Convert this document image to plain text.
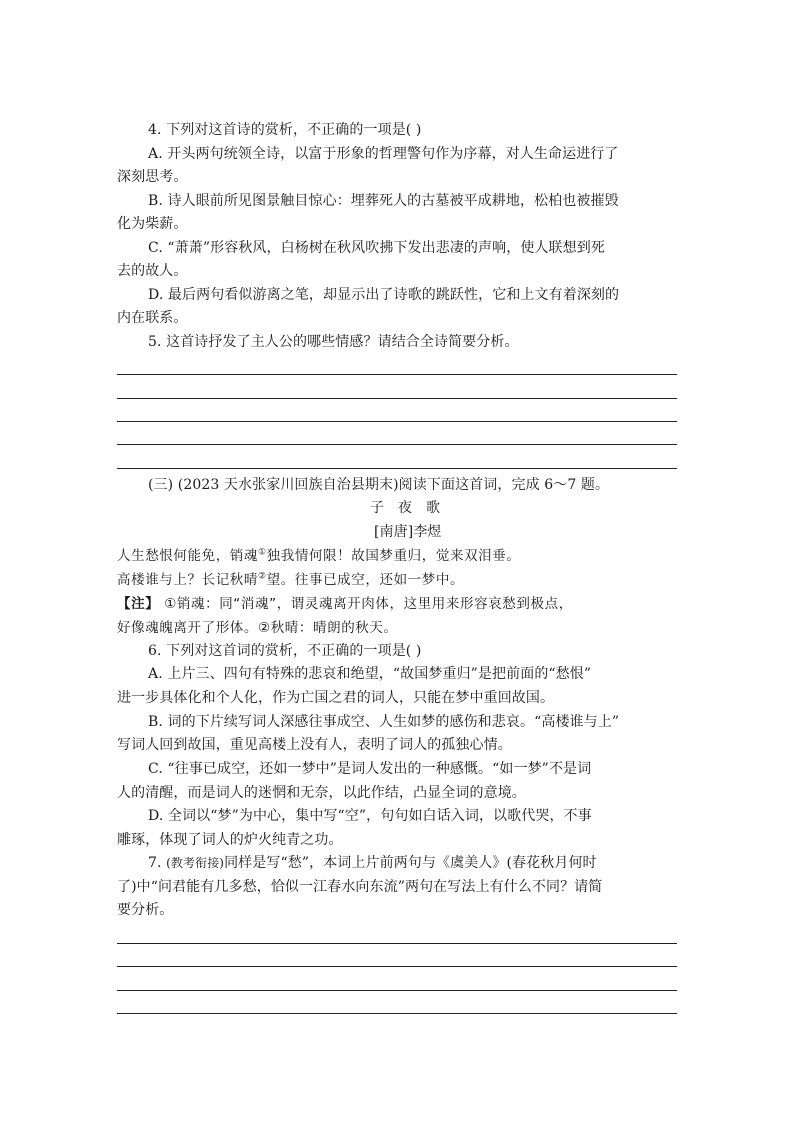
4. 下列对这首诗的赏析，不正确的一项是( )
A. 开头两句统领全诗，以富于形象的哲理警句作为序幕，对人生命运进行了
深刻思考。
B. 诗人眼前所见图景触目惊心：埋葬死人的古墓被平成耕地，松柏也被摧毁
化为柴薪。
C. “萧萧”形容秋风，白杨树在秋风吹拂下发出悲凄的声响，使人联想到死
去的故人。
D. 最后两句看似游离之笔，却显示出了诗歌的跳跃性，它和上文有着深刻的
内在联系。
5. 这首诗抒发了主人公的哪些情感？请结合全诗简要分析。
(三) (2023 天水张家川回族自治县期末)阅读下面这首词，完成 6～7 题。
子夜歌
[南唐]李煜
人生愁恨何能免，销魂①独我情何限！故国梦重归，觉来双泪垂。
高楼谁与上？长记秋晴②望。往事已成空，还如一梦中。
【注】 ①销魂：同“消魂”，谓灵魂离开肉体，这里用来形容哀愁到极点，
好像魂魄离开了形体。②秋晴：晴朗的秋天。
6. 下列对这首词的赏析，不正确的一项是( )
A. 上片三、四句有特殊的悲哀和绝望，“故国梦重归”是把前面的“愁恨”
进一步具体化和个人化，作为亡国之君的词人，只能在梦中重回故国。
B. 词的下片续写词人深感往事成空、人生如梦的感伤和悲哀。“高楼谁与上”
写词人回到故国，重见高楼上没有人，表明了词人的孤独心情。
C. “往事已成空，还如一梦中”是词人发出的一种感慨。“如一梦”不是词
人的清醒，而是词人的迷惘和无奈，以此作结，凸显全词的意境。
D. 全词以“梦”为中心，集中写“空”，句句如白话入词，以歌代哭，不事
雕琢，体现了词人的炉火纯青之功。
7. (教考衔接)同样是写“愁”，本词上片前两句与《虞美人》(春花秋月何时
了)中“问君能有几多愁，恰似一江春水向东流”两句在写法上有什么不同？请简
要分析。
